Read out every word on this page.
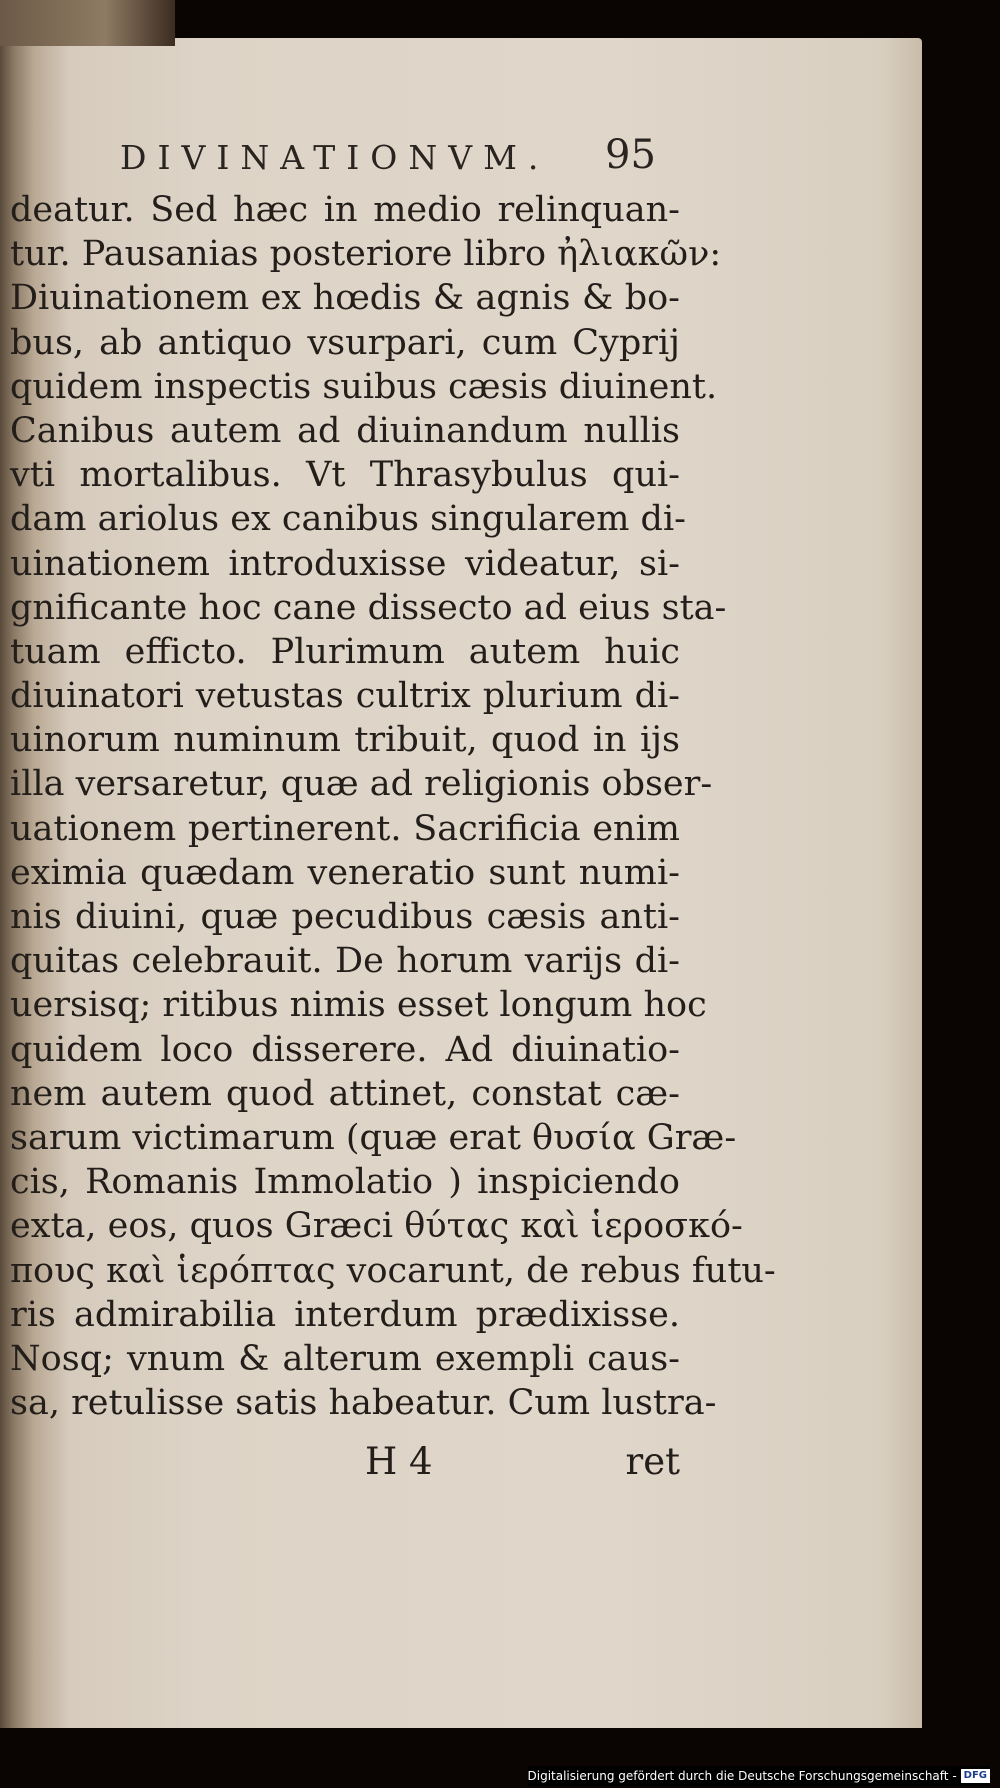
DIVINATIONVM.	95
deatur. Sed hæc in medio relinquan-
tur. Pausanias posteriore libro ἠλιακῶν:
Diuinationem ex hœdis & agnis & bo-
bus, ab antiquo vsurpari, cum Cyprij
quidem inspectis suibus cæsis diuinent.
Canibus autem ad diuinandum nullis
vti mortalibus. Vt Thrasybulus qui-
dam ariolus ex canibus singularem di-
uinationem introduxisse videatur, si-
gnificante hoc cane dissecto ad eius sta-
tuam efficto. Plurimum autem huic
diuinatori vetustas cultrix plurium di-
uinorum numinum tribuit, quod in ijs
illa versaretur, quæ ad religionis obser-
uationem pertinerent. Sacrificia enim
eximia quædam veneratio sunt numi-
nis diuini, quæ pecudibus cæsis anti-
quitas celebrauit. De horum varijs di-
uersisq; ritibus nimis esset longum hoc
quidem loco disserere. Ad diuinatio-
nem autem quod attinet, constat cæ-
sarum victimarum (quæ erat θυσία Græ-
cis, Romanis Immolatio ) inspiciendo
exta, eos, quos Græci θύτας καὶ ἱεροσκό-
πους καὶ ἱερόπτας vocarunt, de rebus futu-
ris admirabilia interdum prædixisse.
Nosq; vnum & alterum exempli caus-
sa, retulisse satis habeatur. Cum lustra-
H 4	ret
Digitalisierung gefördert durch die Deutsche Forschungsgemeinschaft - DFG
